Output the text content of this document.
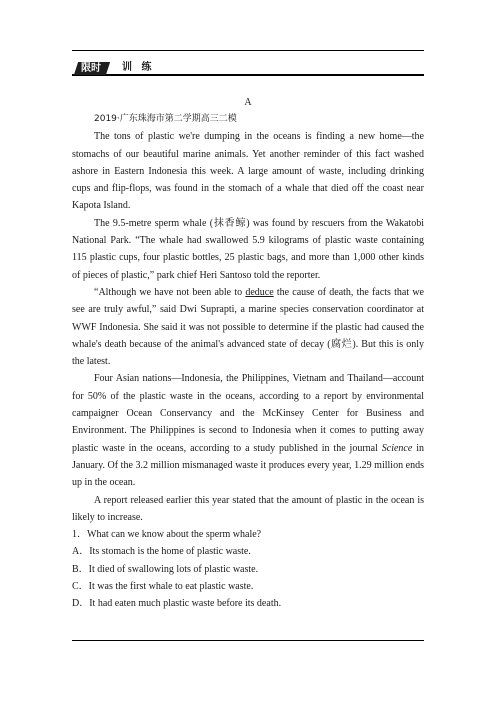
限时	训 练
A

2019·广东珠海市第二学期高三二模

The tons of plastic we're dumping in the oceans is finding a new home—the stomachs of our beautiful marine animals. Yet another reminder of this fact washed ashore in Eastern Indonesia this week. A large amount of waste, including drinking cups and flip-flops, was found in the stomach of a whale that died off the coast near Kapota Island.

The 9.5-metre sperm whale (抹香鲸) was found by rescuers from the Wakatobi National Park. “The whale had swallowed 5.9 kilograms of plastic waste containing 115 plastic cups, four plastic bottles, 25 plastic bags, and more than 1,000 other kinds of pieces of plastic,” park chief Heri Santoso told the reporter.

“Although we have not been able to deduce the cause of death, the facts that we see are truly awful,” said Dwi Suprapti, a marine species conservation coordinator at WWF Indonesia. She said it was not possible to determine if the plastic had caused the whale's death because of the animal's advanced state of decay (腐烂). But this is only the latest.

Four Asian nations—Indonesia, the Philippines, Vietnam and Thailand—account for 50% of the plastic waste in the oceans, according to a report by environmental campaigner Ocean Conservancy and the McKinsey Center for Business and Environment. The Philippines is second to Indonesia when it comes to putting away plastic waste in the oceans, according to a study published in the journal Science in January. Of the 3.2 million mismanaged waste it produces every year, 1.29 million ends up in the ocean.

A report released earlier this year stated that the amount of plastic in the ocean is likely to increase.

1．What can we know about the sperm whale?

A．Its stomach is the home of plastic waste.

B．It died of swallowing lots of plastic waste.

C．It was the first whale to eat plastic waste.

D．It had eaten much plastic waste before its death.
